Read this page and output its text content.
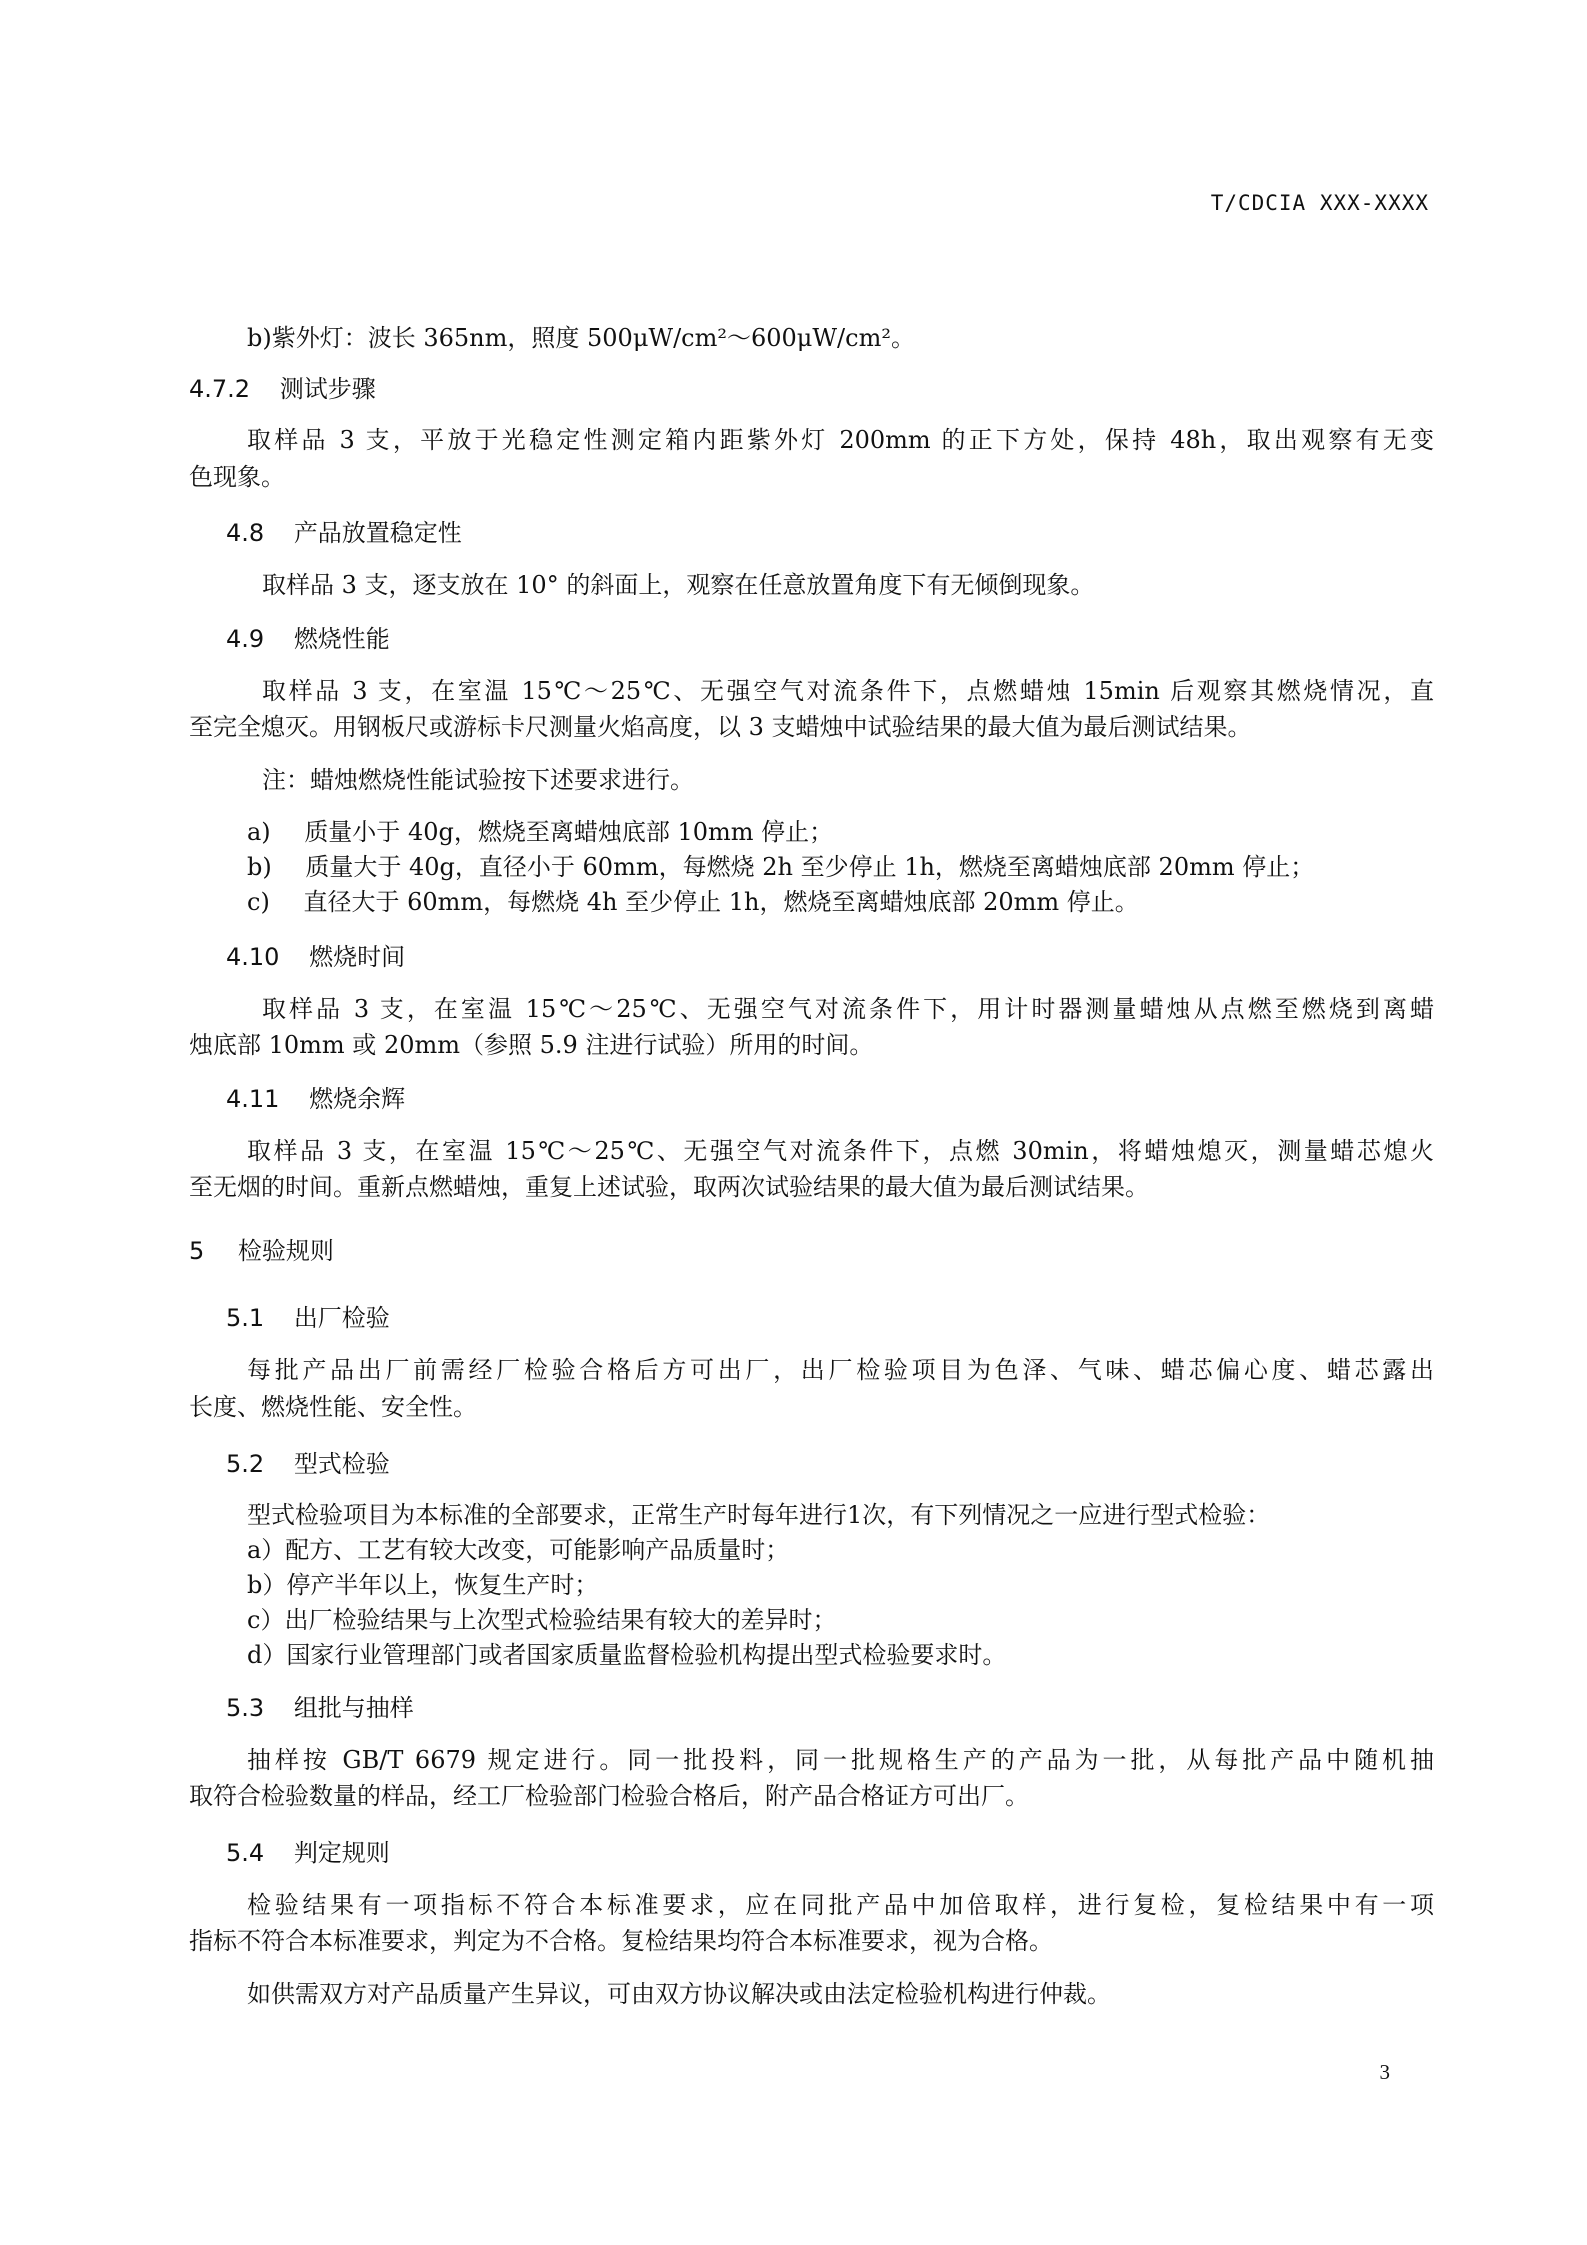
T/CDCIA XXX-XXXX
b)紫外灯：波长 365nm，照度 500μW/cm²～600μW/cm²。
4.7.2 测试步骤
取样品 3 支，平放于光稳定性测定箱内距紫外灯 200mm 的正下方处，保持 48h，取出观察有无变
色现象。
4.8 产品放置稳定性
取样品 3 支，逐支放在 10° 的斜面上，观察在任意放置角度下有无倾倒现象。
4.9 燃烧性能
取样品 3 支，在室温 15℃～25℃、无强空气对流条件下，点燃蜡烛 15min 后观察其燃烧情况，直
至完全熄灭。用钢板尺或游标卡尺测量火焰高度，以 3 支蜡烛中试验结果的最大值为最后测试结果。
注：蜡烛燃烧性能试验按下述要求进行。
a) 质量小于 40g，燃烧至离蜡烛底部 10mm 停止；
b) 质量大于 40g，直径小于 60mm，每燃烧 2h 至少停止 1h，燃烧至离蜡烛底部 20mm 停止；
c) 直径大于 60mm，每燃烧 4h 至少停止 1h，燃烧至离蜡烛底部 20mm 停止。
4.10 燃烧时间
取样品 3 支，在室温 15℃～25℃、无强空气对流条件下，用计时器测量蜡烛从点燃至燃烧到离蜡
烛底部 10mm 或 20mm（参照 5.9 注进行试验）所用的时间。
4.11 燃烧余辉
取样品 3 支，在室温 15℃～25℃、无强空气对流条件下，点燃 30min，将蜡烛熄灭，测量蜡芯熄火
至无烟的时间。重新点燃蜡烛，重复上述试验，取两次试验结果的最大值为最后测试结果。
5 检验规则
5.1 出厂检验
每批产品出厂前需经厂检验合格后方可出厂，出厂检验项目为色泽、气味、蜡芯偏心度、蜡芯露出
长度、燃烧性能、安全性。
5.2 型式检验
型式检验项目为本标准的全部要求，正常生产时每年进行1次，有下列情况之一应进行型式检验：
a）配方、工艺有较大改变，可能影响产品质量时；
b）停产半年以上，恢复生产时；
c）出厂检验结果与上次型式检验结果有较大的差异时；
d）国家行业管理部门或者国家质量监督检验机构提出型式检验要求时。
5.3 组批与抽样
抽样按 GB/T 6679 规定进行。同一批投料，同一批规格生产的产品为一批，从每批产品中随机抽
取符合检验数量的样品，经工厂检验部门检验合格后，附产品合格证方可出厂。
5.4 判定规则
检验结果有一项指标不符合本标准要求，应在同批产品中加倍取样，进行复检，复检结果中有一项
指标不符合本标准要求，判定为不合格。复检结果均符合本标准要求，视为合格。
如供需双方对产品质量产生异议，可由双方协议解决或由法定检验机构进行仲裁。
3
